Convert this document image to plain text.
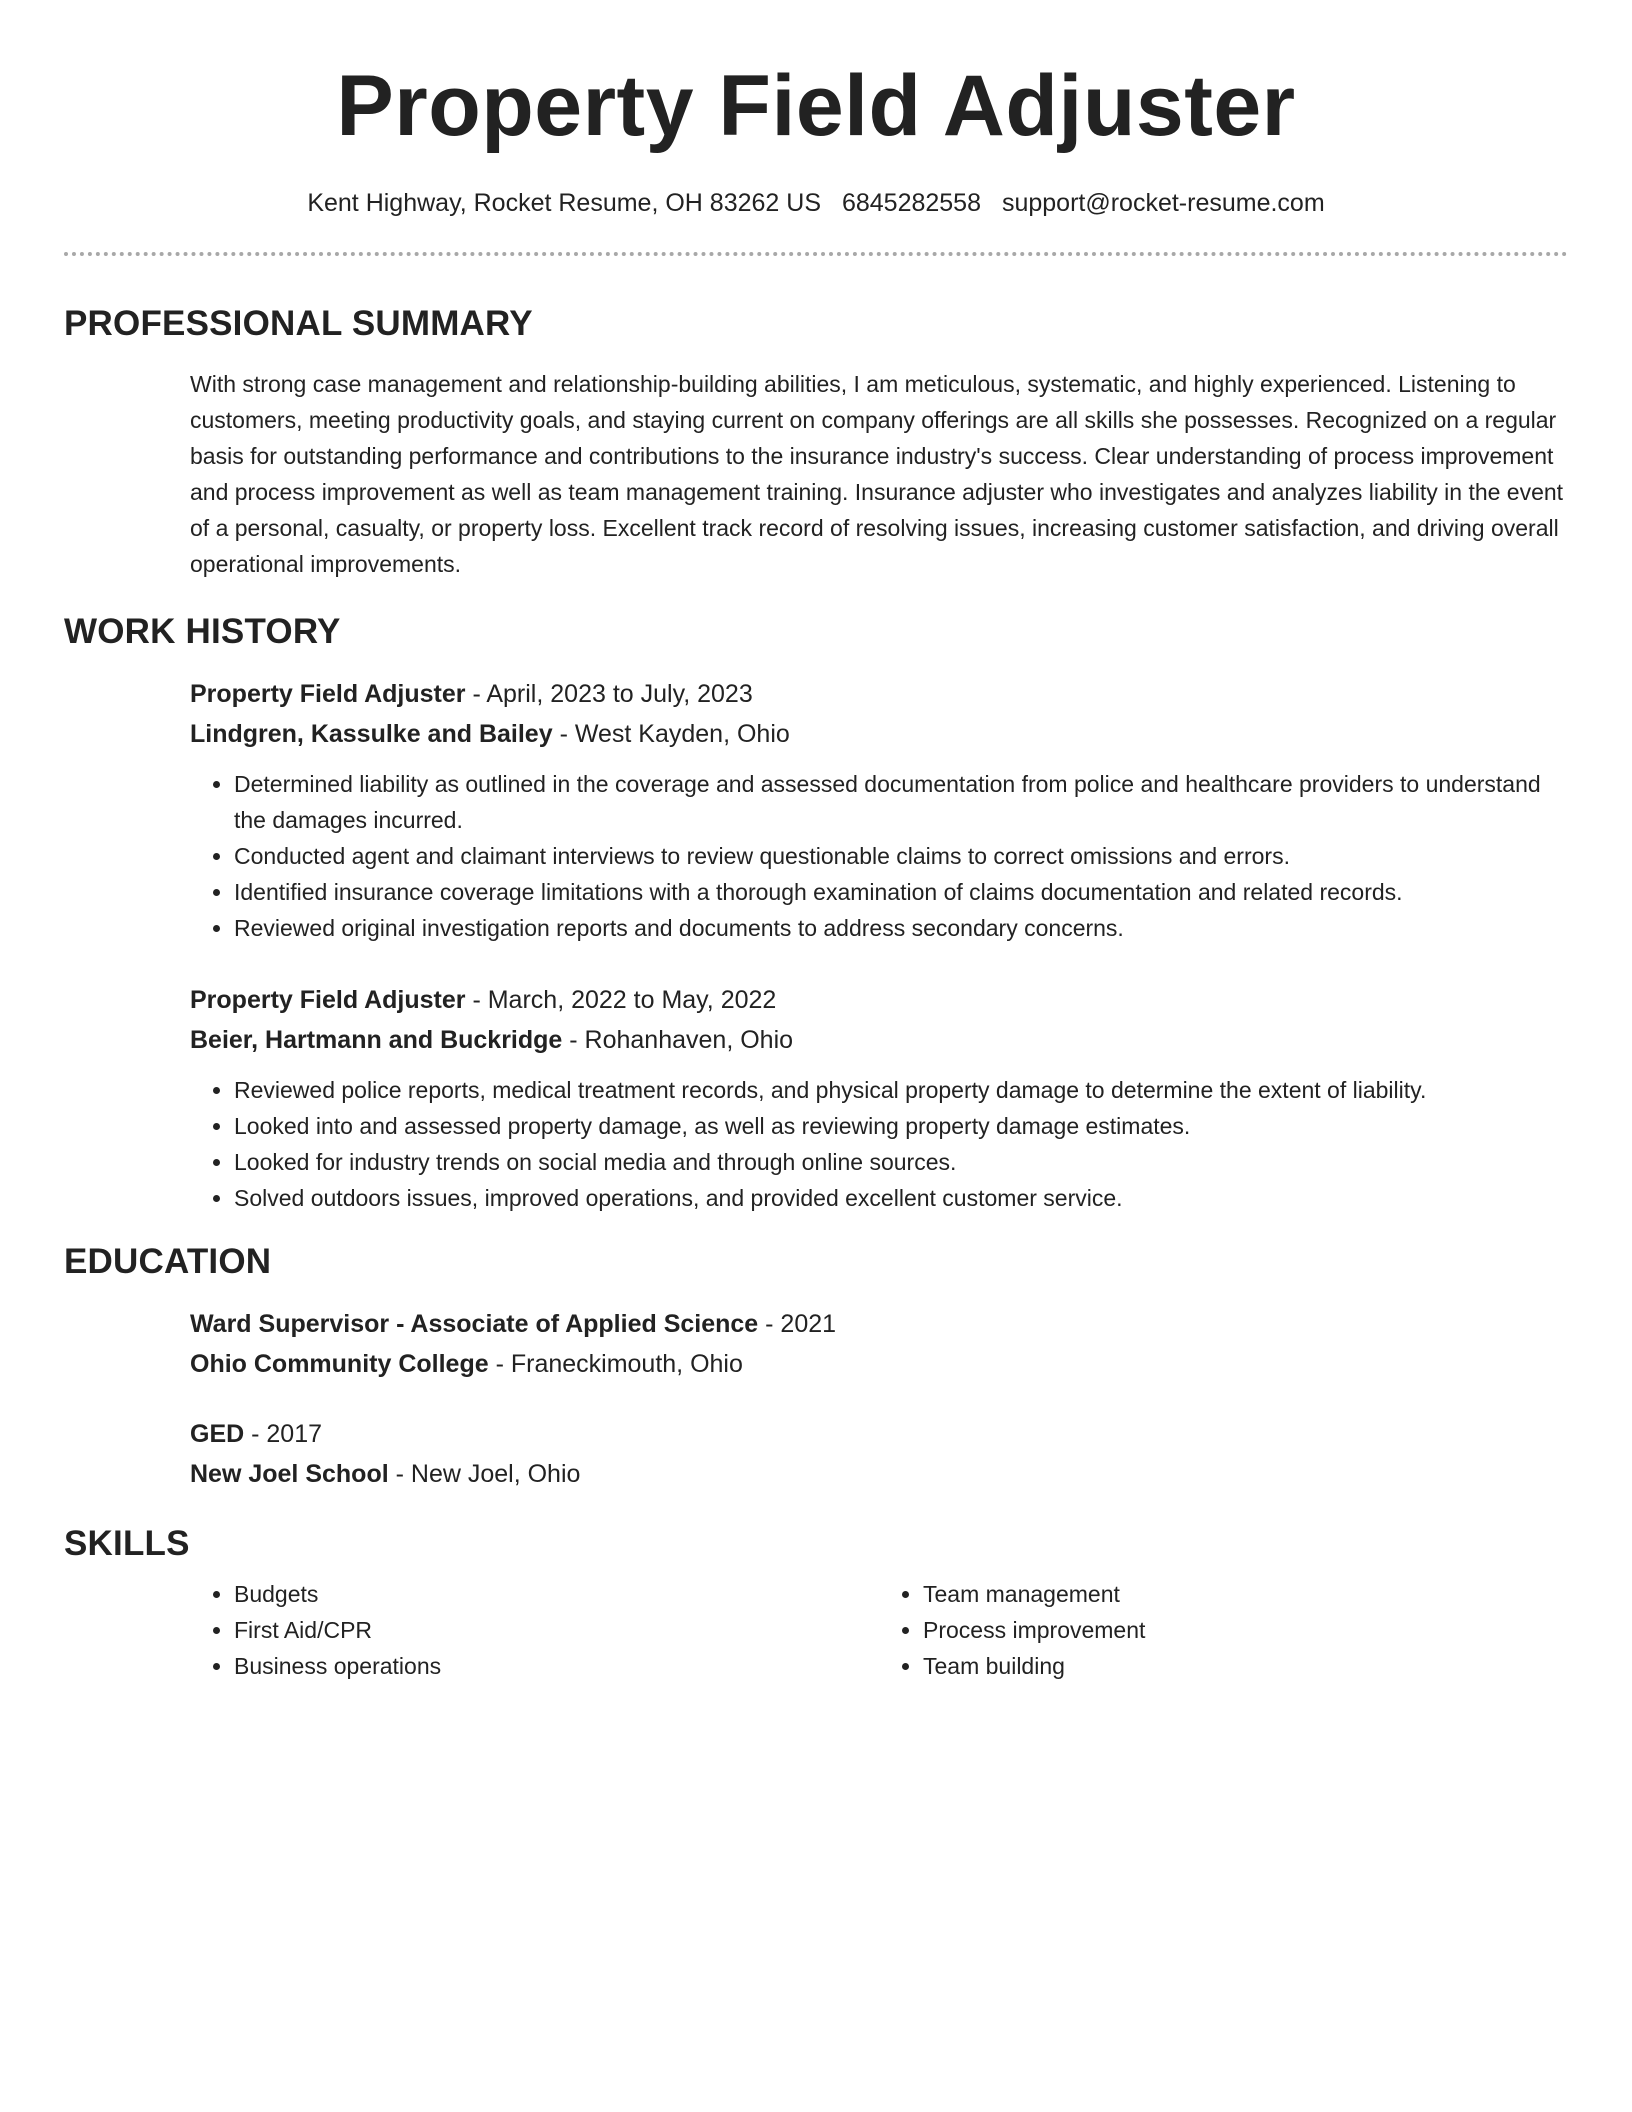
Property Field Adjuster
Kent Highway, Rocket Resume, OH 83262 US 6845282558 support@rocket-resume.com
PROFESSIONAL SUMMARY
With strong case management and relationship-building abilities, I am meticulous, systematic, and highly experienced. Listening to customers, meeting productivity goals, and staying current on company offerings are all skills she possesses. Recognized on a regular basis for outstanding performance and contributions to the insurance industry's success. Clear understanding of process improvement and process improvement as well as team management training. Insurance adjuster who investigates and analyzes liability in the event of a personal, casualty, or property loss. Excellent track record of resolving issues, increasing customer satisfaction, and driving overall operational improvements.
WORK HISTORY
Property Field Adjuster - April, 2023 to July, 2023
Lindgren, Kassulke and Bailey - West Kayden, Ohio
• Determined liability as outlined in the coverage and assessed documentation from police and healthcare providers to understand the damages incurred.
• Conducted agent and claimant interviews to review questionable claims to correct omissions and errors.
• Identified insurance coverage limitations with a thorough examination of claims documentation and related records.
• Reviewed original investigation reports and documents to address secondary concerns.
Property Field Adjuster - March, 2022 to May, 2022
Beier, Hartmann and Buckridge - Rohanhaven, Ohio
• Reviewed police reports, medical treatment records, and physical property damage to determine the extent of liability.
• Looked into and assessed property damage, as well as reviewing property damage estimates.
• Looked for industry trends on social media and through online sources.
• Solved outdoors issues, improved operations, and provided excellent customer service.
EDUCATION
Ward Supervisor - Associate of Applied Science - 2021
Ohio Community College - Franeckimouth, Ohio
GED - 2017
New Joel School - New Joel, Ohio
SKILLS
• Budgets
• First Aid/CPR
• Business operations
• Team management
• Process improvement
• Team building
